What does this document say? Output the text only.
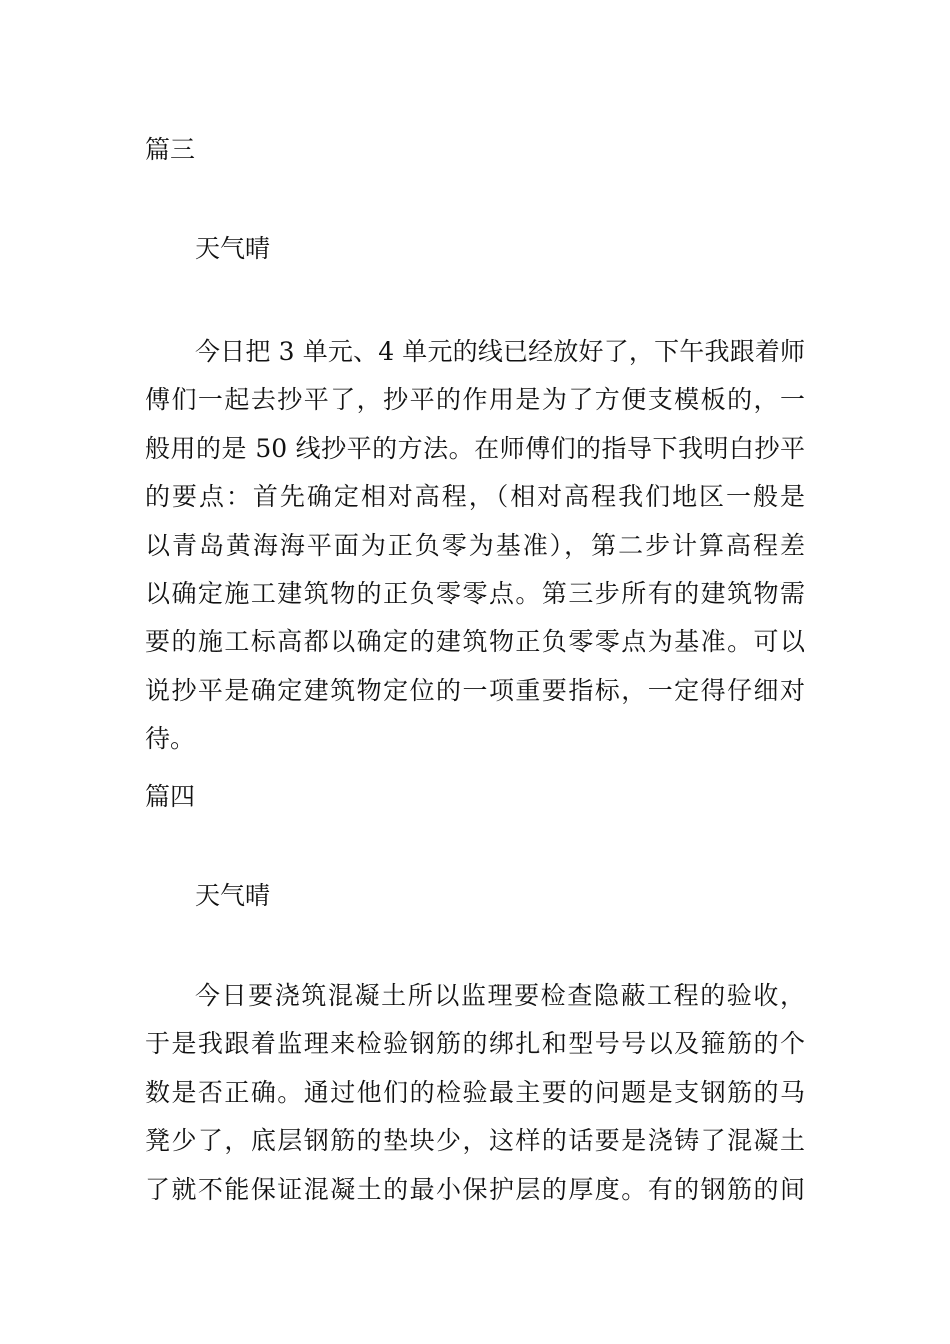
篇三
天气晴
今日把 3 单元、4 单元的线已经放好了，下午我跟着师
傅们一起去抄平了，抄平的作用是为了方便支模板的，一
般用的是 50 线抄平的方法。在师傅们的指导下我明白抄平
的要点：首先确定相对高程，（相对高程我们地区一般是
以青岛黄海海平面为正负零为基准），第二步计算高程差
以确定施工建筑物的正负零零点。第三步所有的建筑物需
要的施工标高都以确定的建筑物正负零零点为基准。可以
说抄平是确定建筑物定位的一项重要指标，一定得仔细对
待。
篇四
天气晴
今日要浇筑混凝土所以监理要检查隐蔽工程的验收，
于是我跟着监理来检验钢筋的绑扎和型号号以及箍筋的个
数是否正确。通过他们的检验最主要的问题是支钢筋的马
凳少了，底层钢筋的垫块少，这样的话要是浇铸了混凝土
了就不能保证混凝土的最小保护层的厚度。有的钢筋的间
